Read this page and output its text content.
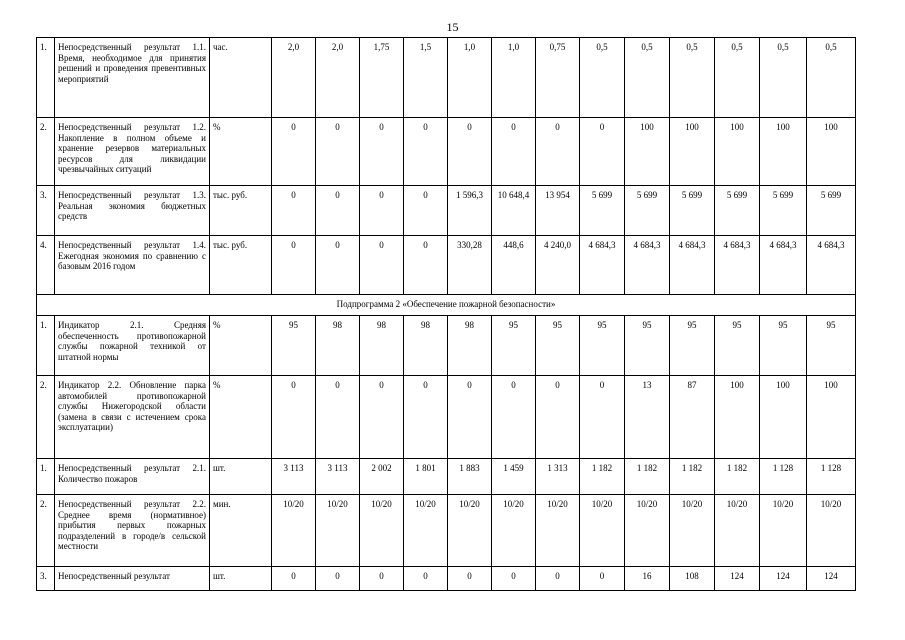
15
1.	Непосредственный результат 1.1. Время, необходимое для принятия решений и проведения превентивных мероприятий	час.	2,0	2,0	1,75	1,5	1,0	1,0	0,75	0,5	0,5	0,5	0,5	0,5	0,5
2.	Непосредственный результат 1.2. Накопление в полном объеме и хранение резервов материальных ресурсов для ликвидации чрезвычайных ситуаций	%	0	0	0	0	0	0	0	0	100	100	100	100	100
3.	Непосредственный результат 1.3. Реальная экономия бюджетных средств	тыс. руб.	0	0	0	0	1 596,3	10 648,4	13 954	5 699	5 699	5 699	5 699	5 699	5 699
4.	Непосредственный результат 1.4. Ежегодная экономия по сравнению с базовым 2016 годом	тыс. руб.	0	0	0	0	330,28	448,6	4 240,0	4 684,3	4 684,3	4 684,3	4 684,3	4 684,3	4 684,3
Подпрограмма 2 «Обеспечение пожарной безопасности»															
1.	Индикатор 2.1. Средняя обеспеченность противопожарной службы пожарной техникой от штатной нормы	%	95	98	98	98	98	95	95	95	95	95	95	95	95
2.	Индикатор 2.2. Обновление парка автомобилей противопожарной службы Нижегородской области (замена в связи с истечением срока эксплуатации)	%	0	0	0	0	0	0	0	0	13	87	100	100	100
1.	Непосредственный результат 2.1. Количество пожаров	шт.	3 113	3 113	2 002	1 801	1 883	1 459	1 313	1 182	1 182	1 182	1 182	1 128	1 128
2.	Непосредственный результат 2.2. Среднее время (нормативное) прибытия первых пожарных подразделений в городе/в сельской местности	мин.	10/20	10/20	10/20	10/20	10/20	10/20	10/20	10/20	10/20	10/20	10/20	10/20	10/20
3.	Непосредственный результат	шт.	0	0	0	0	0	0	0	0	16	108	124	124	124
